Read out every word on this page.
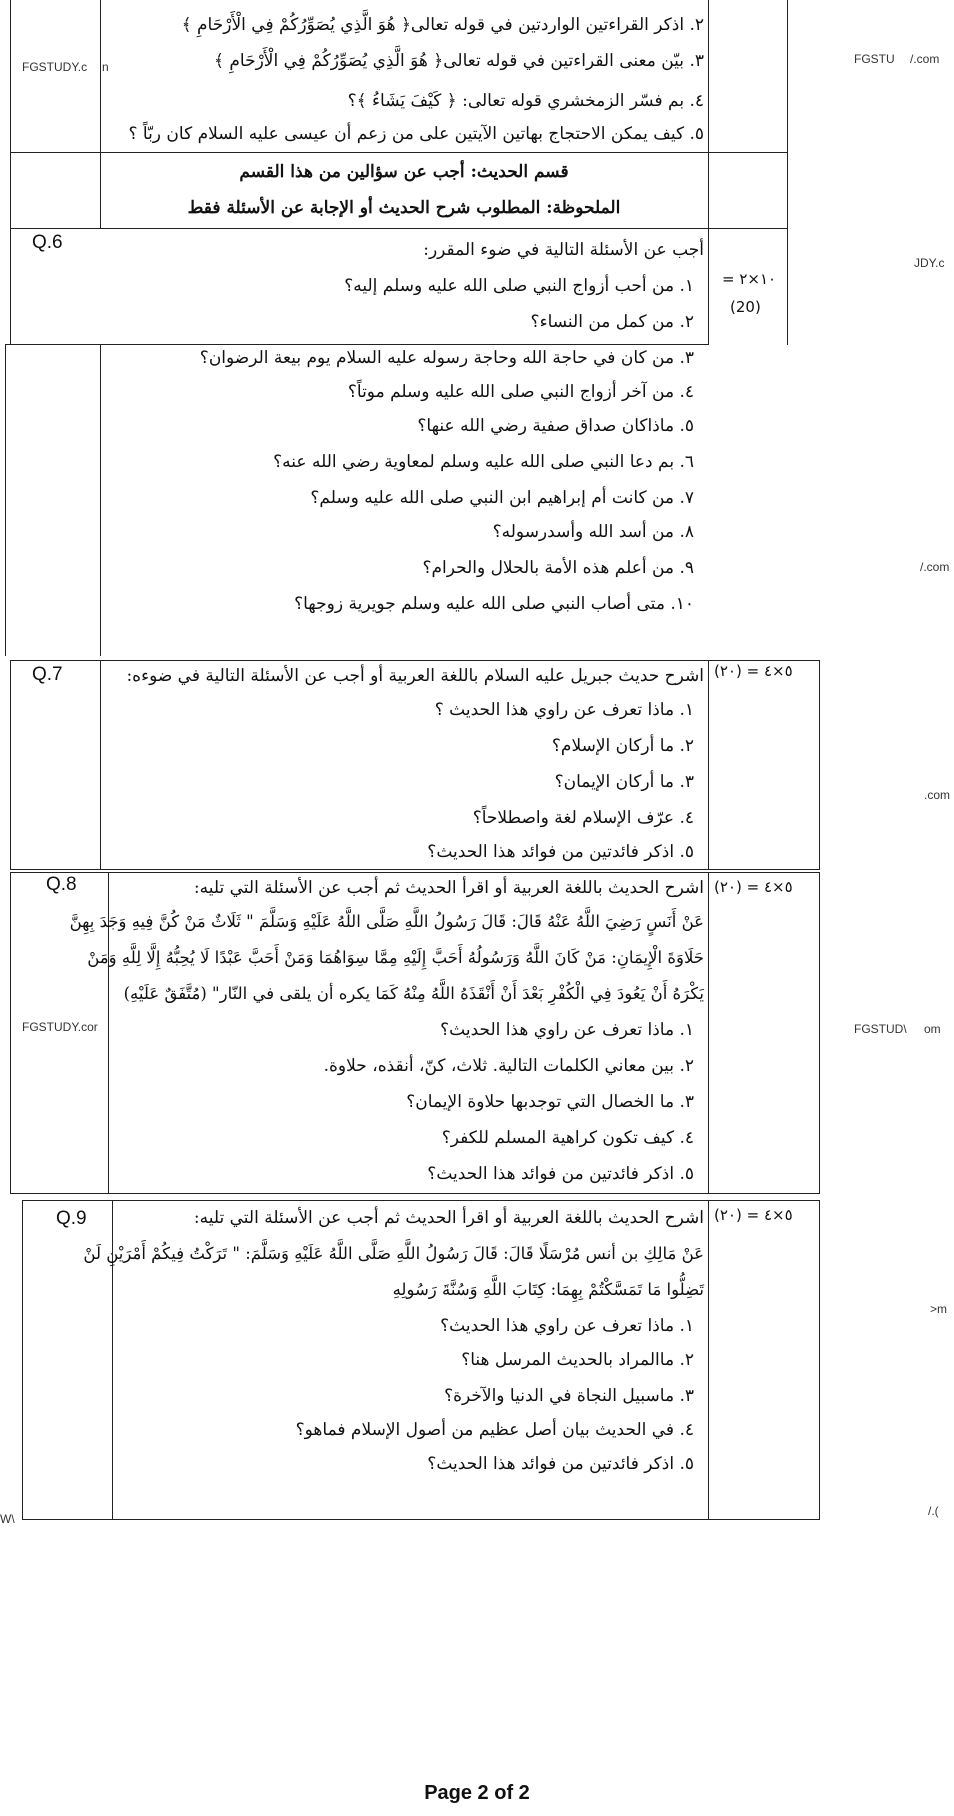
٢. اذكر القراءتين الواردتين في قوله تعالى﴿ هُوَ الَّذِي يُصَوِّرُكُمْ فِي الْأَرْحَامِ ﴾
٣. بيّن معنى القراءتين في قوله تعالى﴿ هُوَ الَّذِي يُصَوِّرُكُمْ فِي الْأَرْحَامِ ﴾
٤. بم فسّر الزمخشري قوله تعالى: ﴿ كَيْفَ يَشَاءُ ﴾؟
٥. كيف يمكن الاحتجاج بهاتين الآيتين على من زعم أن عيسى عليه السلام كان ربّاً ؟
قسم الحديث: أجب عن سؤالين من هذا القسم
الملحوظة: المطلوب شرح الحديث أو الإجابة عن الأسئلة فقط
Q.6
= ١٠×٢
(20)
أجب عن الأسئلة التالية في ضوء المقرر:
١. من أحب أزواج النبي صلى الله عليه وسلم إليه؟
٢. من كمل من النساء؟
٣. من كان في حاجة الله وحاجة رسوله عليه السلام يوم بيعة الرضوان؟
٤. من آخر أزواج النبي صلى الله عليه وسلم موتاً؟
٥. ماذاكان صداق صفية رضي الله عنها؟
٦. بم دعا النبي صلى الله عليه وسلم لمعاوية رضي الله عنه؟
٧. من كانت أم إبراهيم ابن النبي صلى الله عليه وسلم؟
٨. من أسد الله وأسدرسوله؟
٩. من أعلم هذه الأمة بالحلال والحرام؟
١٠. متى أصاب النبي صلى الله عليه وسلم جويرية زوجها؟
Q.7	(٢٠) = ٥×٤
اشرح حديث جبريل عليه السلام باللغة العربية أو أجب عن الأسئلة التالية في ضوءه:
١. ماذا تعرف عن راوي هذا الحديث ؟
٢. ما أركان الإسلام؟
٣. ما أركان الإيمان؟
٤. عرّف الإسلام لغة واصطلاحاً؟
٥. اذكر فائدتين من فوائد هذا الحديث؟
Q.8	(٢٠) = ٥×٤
اشرح الحديث باللغة العربية أو اقرأ الحديث ثم أجب عن الأسئلة التي تليه:
عَنْ أَنَسٍ رَضِيَ اللَّهُ عَنْهُ قَالَ: قَالَ رَسُولُ اللَّهِ صَلَّى اللَّهُ عَلَيْهِ وَسَلَّمَ " ثَلَاثٌ مَنْ كُنَّ فِيهِ وَجَدَ بِهِنَّ
حَلَاوَةَ الْإِيمَانِ: مَنْ كَانَ اللَّهُ وَرَسُولُهُ أَحَبَّ إِلَيْهِ مِمَّا سِوَاهُمَا وَمَنْ أَحَبَّ عَبْدًا لَا يُحِبُّهُ إِلَّا لِلَّهِ وَمَنْ
يَكْرَهُ أَنْ يَعُودَ فِي الْكُفْرِ بَعْدَ أَنْ أَنْقَذَهُ اللَّهُ مِنْهُ كَمَا يكره أن يلقى في النّار" (مُتَّفَقٌ عَلَيْهِ)
١. ماذا تعرف عن راوي هذا الحديث؟
٢. بين معاني الكلمات التالية. ثلاث، كنّ، أنقذه، حلاوة.
٣. ما الخصال التي توجدبها حلاوة الإيمان؟
٤. كيف تكون كراهية المسلم للكفر؟
٥. اذكر فائدتين من فوائد هذا الحديث؟
Q.9	(٢٠) = ٥×٤
اشرح الحديث باللغة العربية أو اقرأ الحديث ثم أجب عن الأسئلة التي تليه:
عَنْ مَالِكِ بن أنس مُرْسَلًا قَالَ: قَالَ رَسُولُ اللَّهِ صَلَّى اللَّهُ عَلَيْهِ وَسَلَّمَ: " تَرَكْتُ فِيكُمْ أَمْرَيْنِ لَنْ
تَضِلُّوا مَا تَمَسَّكْتُمْ بِهِمَا: كِتَابَ اللَّهِ وَسُنَّةَ رَسُولِهِ
١. ماذا تعرف عن راوي هذا الحديث؟
٢. ماالمراد بالحديث المرسل هنا؟
٣. ماسبيل النجاة في الدنيا والآخرة؟
٤. في الحديث بيان أصل عظيم من أصول الإسلام فماهو؟
٥. اذكر فائدتين من فوائد هذا الحديث؟
FGSTUDY.c n
FGSTU /.com
JDY.c
/.com
.com
FGSTUDY.cor	FGSTUD\ om
>m
/.(
W\
Page 2 of 2
